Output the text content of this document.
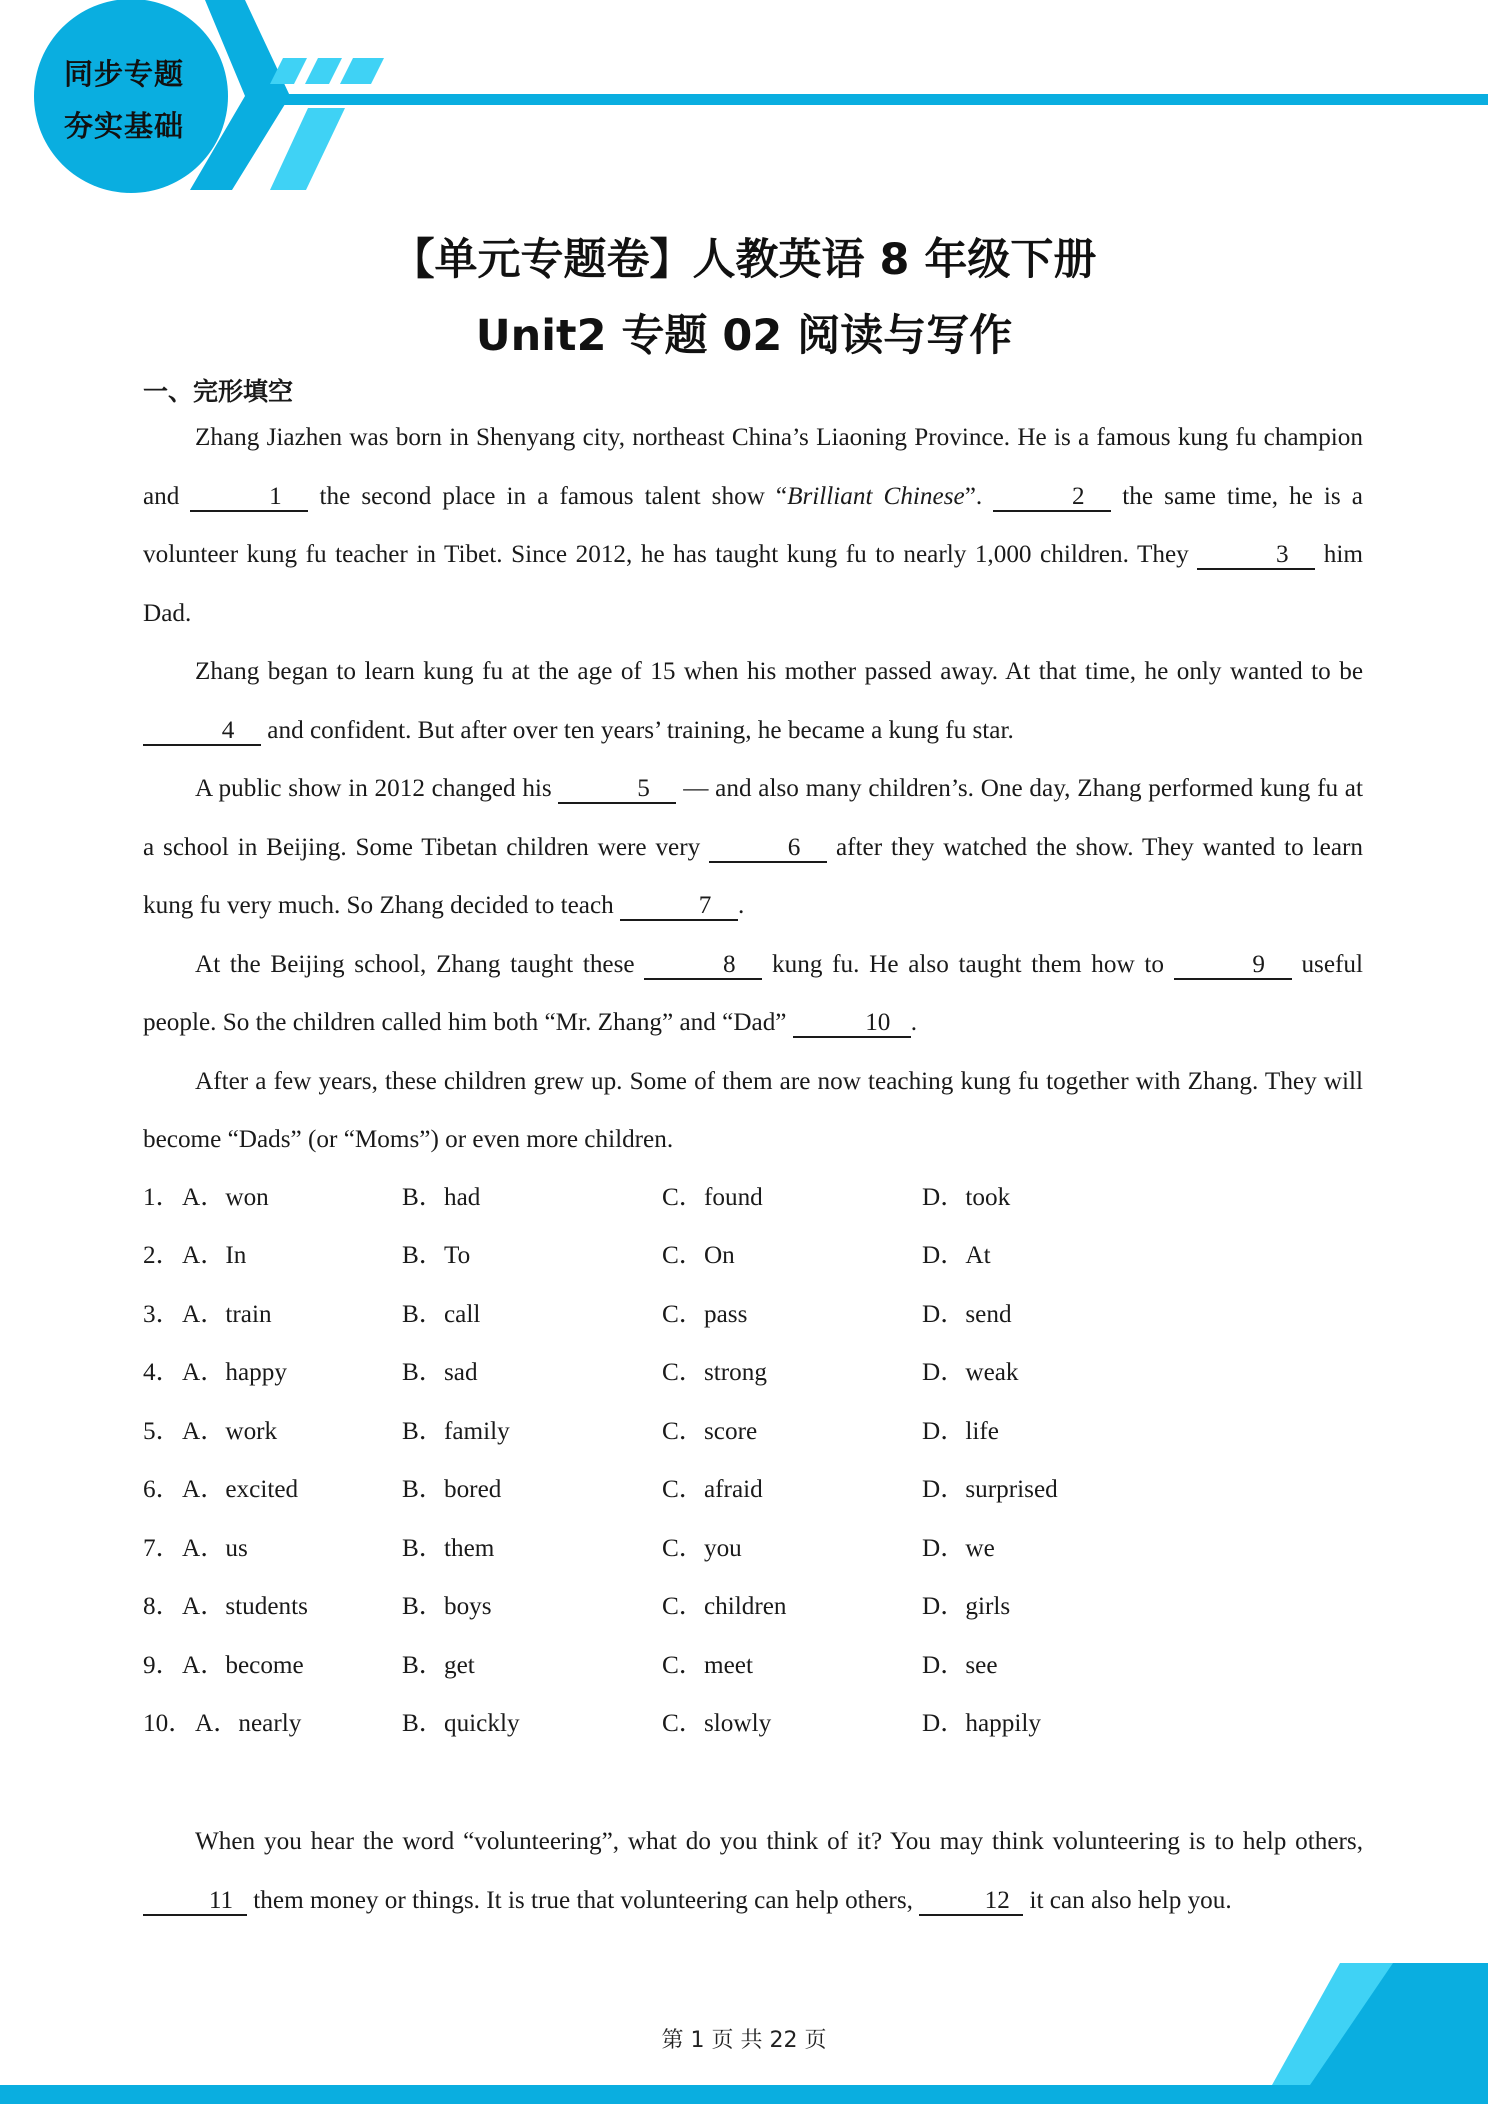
同步专题
夯实基础
【单元专题卷】人教英语 8 年级下册
Unit2 专题 02 阅读与写作
一、完形填空

Zhang Jiazhen was born in Shenyang city, northeast China’s Liaoning Province. He is a famous kung fu champion and	1 the second place in a famous talent show “Brilliant Chinese”.	2 the same time, he is a volunteer kung fu teacher in Tibet. Since 2012, he has taught kung fu to nearly 1,000 children. They	3 him Dad.

Zhang began to learn kung fu at the age of 15 when his mother passed away. At that time, he only wanted to be 4 and confident. But after over ten years’ training, he became a kung fu star.

A public show in 2012 changed his	5 — and also many children’s. One day, Zhang performed kung fu at a school in Beijing. Some Tibetan children were very	6 after they watched the show. They wanted to learn kung fu very much. So Zhang decided to teach	7 .

At the Beijing school, Zhang taught these	8 kung fu. He also taught them how to	9 useful people. So the children called him both “Mr. Zhang” and “Dad”	10 .

After a few years, these children grew up. Some of them are now teaching kung fu together with Zhang. They will become “Dads” (or “Moms”) or even more children.

1． A．won	B．had	C．found	D．took
2． A．In	B．To	C．On	D．At
3． A．train	B．call	C．pass	D．send
4． A．happy	B．sad	C．strong	D．weak
5． A．work	B．family	C．score	D．life
6． A．excited	B．bored	C．afraid	D．surprised
7． A．us	B．them	C．you	D．we
8． A．students	B．boys	C．children	D．girls
9． A．become	B．get	C．meet	D．see
10． A．nearly	B．quickly	C．slowly	D．happily

When you hear the word “volunteering”, what do you think of it? You may think volunteering is to help others, 11 them money or things. It is true that volunteering can help others,	12 it can also help you.

第 1 页 共 22 页
